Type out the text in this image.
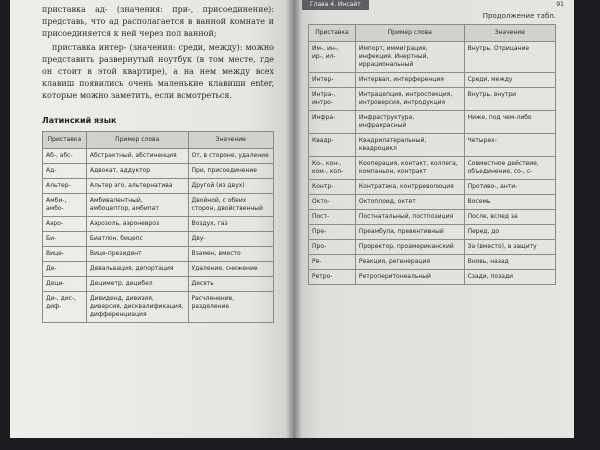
приставка ад- (значения: при-, присоединение): представь, что ад располагается в ванной комнате и присоединяется к ней через пол ванной;

приставка интер- (значения: среди, между): можно представить развернутый ноутбук (в том месте, где он стоит в этой квартире), а на нем между всех клавиш появились очень маленькие клавиши enter, которые можно заметить, если всмотреться.

Латинский язык
Приставка	Пример слова	Значение
Аб-, абс-	Абстрактный, абстиненция	От, в стороне, удаление
Ад-	Адвокат, аддуктор	При, присоединение
Альтер-	Альтер эго, альтернатива	Другой (из двух)
Амби-, амбо-	Амбивалентный, амбоцептор, амбипат	Двойной, с обеих сторон, двойственный
Аэро-	Аэрозоль, аэроневроз	Воздух, газ
Би-	Биатлон, бицепс	Дву-
Вице-	Вице-президент	Взамен, вместо
Де-	Девальвация, депортация	Удаление, снижение
Деци-	Дециметр, децибел	Десять
Ди-, дис-, диф-	Дивиденд, дивизия, диверсия, дисквалификация, дифференциация	Расчленение, разделение
Глава 4. Инсайт	91
Продолжение табл.
Приставка	Пример слова	Значение
Им-, ин-, ир-, ил-	Импорт, иммиграция, инфекция. Инертный, иррациональный	Внутрь. Отрицание
Интер-	Интервал, интерференция	Среди, между
Интра-, интро-	Интрацепция, интроспекция, интроверсия, интродукция	Внутрь, внутри
Инфра-	Инфраструктура, инфракрасный	Ниже, под чем-либо
Квадр-	Квадрилатеральный, квадроцикл	Четырех-
Ко-, кон-, ком-, кол-	Кооперация, контакт, коллега, компаньон, контракт	Совместное действие, объединение, со-, с-
Контр-	Контратака, контрреволюция	Противо-, анти-
Окто-	Октоплоид, октет	Восемь
Пост-	Постнатальный, постпозиция	После, вслед за
Пре-	Преамбула, превентивный	Перед, до
Про-	Проректор, проамериканский	За (вместо), в защиту
Ре-	Реакция, регенерация	Вновь, назад
Ретро-	Ретроперитонеальный	Сзади, позади
